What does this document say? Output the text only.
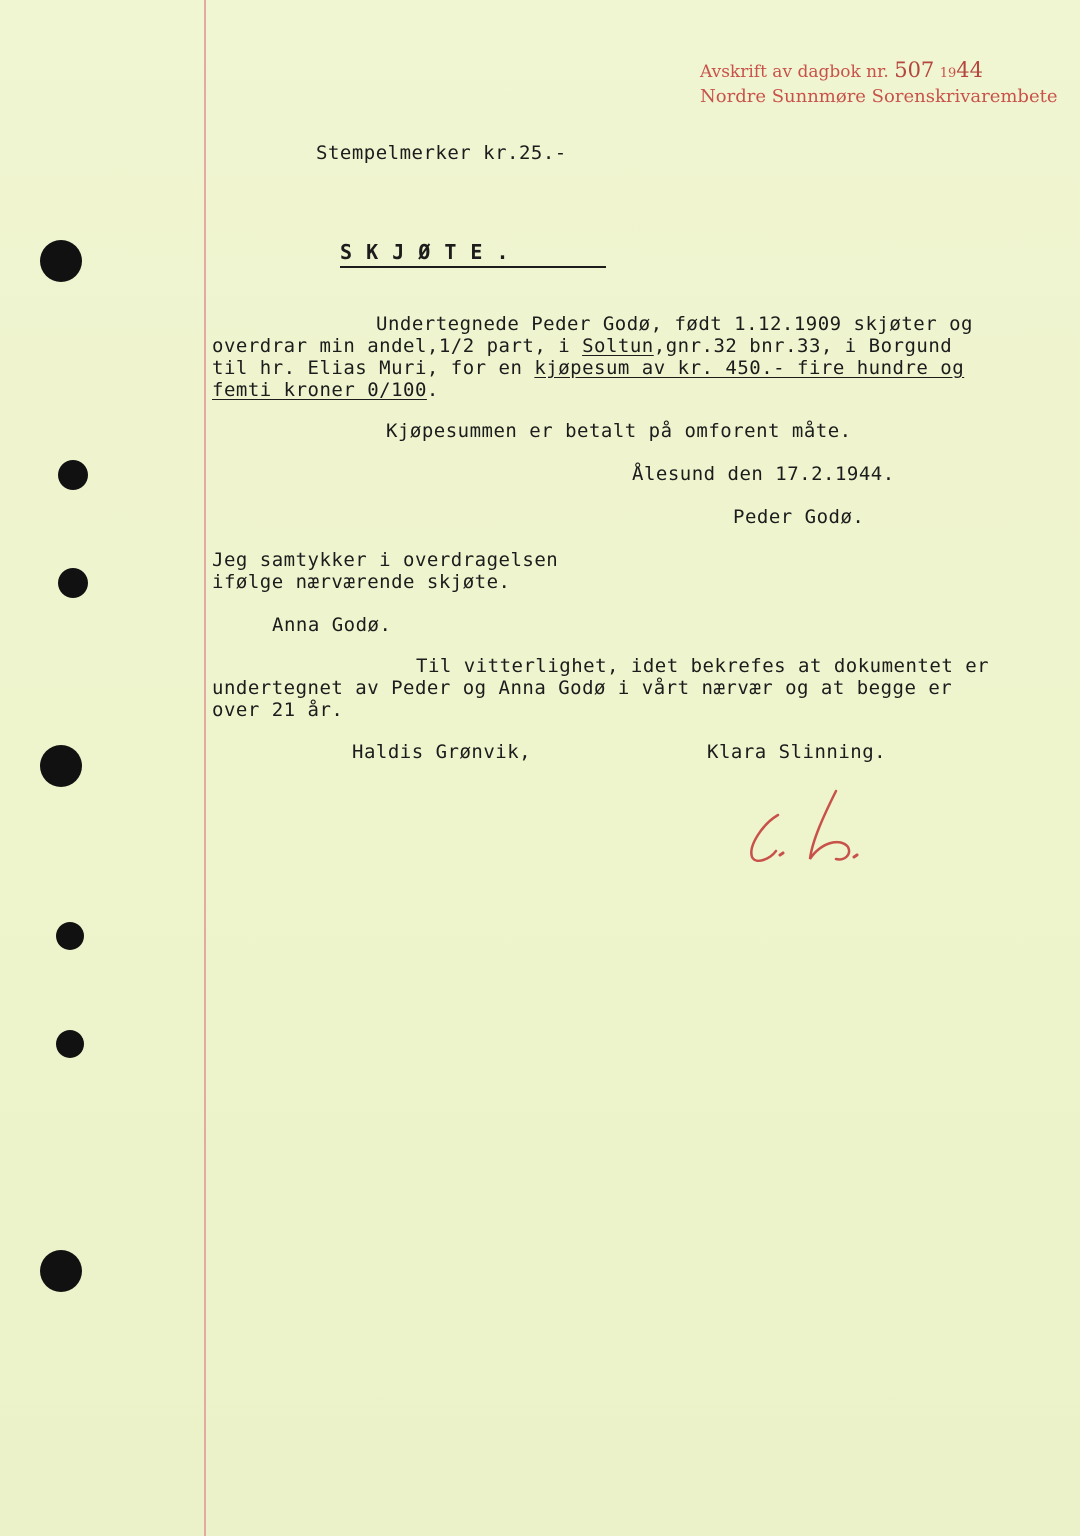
Avskrift av dagbok nr. 507 1944
Nordre Sunnmøre Sorenskrivarembete
Stempelmerker kr.25.-
S K J Ø T E .
Undertegnede Peder Godø, født 1.12.1909 skjøter og
overdrar min andel,1/2 part, i Soltun,gnr.32 bnr.33, i Borgund
til hr. Elias Muri, for en kjøpesum av kr. 450.- fire hundre og
femti kroner 0/100.
Kjøpesummen er betalt på omforent måte.
Ålesund den 17.2.1944.
Peder Godø.
Jeg samtykker i overdragelsen
ifølge nærværende skjøte.
Anna Godø.
Til vitterlighet, idet bekrefes at dokumentet er
undertegnet av Peder og Anna Godø i vårt nærvær og at begge er
over 21 år.
Haldis Grønvik,	Klara Slinning.
